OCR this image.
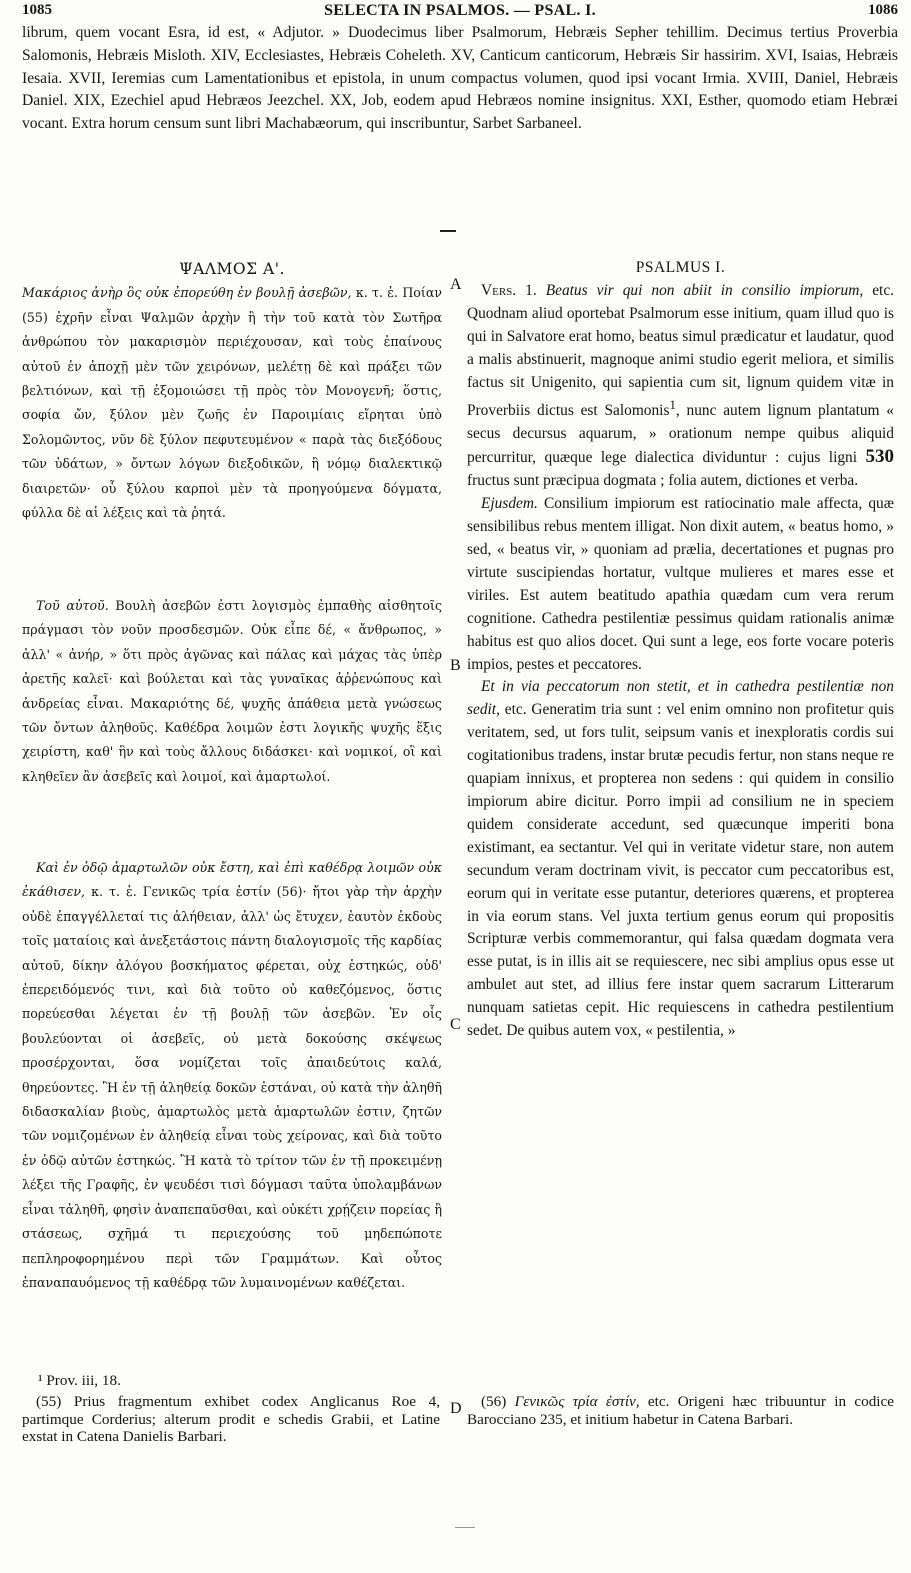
1085	SELECTA IN PSALMOS. — PSAL. I.	1086

librum, quem vocant Esra, id est, « Adjutor. » Duodecimus liber Psalmorum, Hebræis Sepher tehillim. Decimus tertius Proverbia Salomonis, Hebræis Misloth. XIV, Ecclesiastes, Hebræis Coheleth. XV, Canticum canticorum, Hebræis Sir hassirim. XVI, Isaias, Hebræis Iesaia. XVII, Ieremias cum Lamentationibus et epistola, in unum compactus volumen, quod ipsi vocant Irmia. XVIII, Daniel, Hebræis Daniel. XIX, Ezechiel apud Hebræos Jeezchel. XX, Job, eodem apud Hebræos nomine insignitus. XXI, Esther, quomodo etiam Hebræi vocant. Extra horum censum sunt libri Machabæorum, qui inscribuntur, Sarbet Sarbaneel.

ΨΑΛΜΟΣ Α'.

Μακάριος ἀνὴρ ὃς οὐκ ἐπορεύθη ἐν βουλῇ ἀσεβῶν, κ. τ. ἑ. Ποίαν (55) ἐχρῆν εἶναι Ψαλμῶν ἀρχὴν ἢ τὴν τοῦ κατὰ τὸν Σωτῆρα ἀνθρώπου τὸν μακαρισμὸν περιέχουσαν, καὶ τοὺς ἐπαίνους αὐτοῦ ἐν ἀποχῇ μὲν τῶν χειρόνων, μελέτῃ δὲ καὶ πράξει τῶν βελτιόνων, καὶ τῇ ἐξομοιώσει τῇ πρὸς τὸν Μονογενῆ; ὅστις, σοφία ὤν, ξύλον μὲν ζωῆς ἐν Παροιμίαις εἴρηται ὑπὸ Σολομῶντος, νῦν δὲ ξύλον πεφυτευμένον « παρὰ τὰς διεξόδους τῶν ὑδάτων, » ὄντων λόγων διεξοδικῶν, ἢ νόμῳ διαλεκτικῷ διαιρετῶν· οὗ ξύλου καρποὶ μὲν τὰ προηγούμενα δόγματα, φύλλα δὲ αἱ λέξεις καὶ τὰ ῥητά.

Τοῦ αὐτοῦ. Βουλὴ ἀσεβῶν ἐστι λογισμὸς ἐμπαθὴς αἰσθητοῖς πράγμασι τὸν νοῦν προσδεσμῶν. Οὐκ εἶπε δέ, « ἄνθρωπος, » ἀλλ' « ἀνήρ, » ὅτι πρὸς ἀγῶνας καὶ πάλας καὶ μάχας τὰς ὑπὲρ ἀρετῆς καλεῖ· καὶ βούλεται καὶ τὰς γυναῖκας ἀῤῥενώπους καὶ ἀνδρείας εἶναι. Μακαριότης δέ, ψυχῆς ἀπάθεια μετὰ γνώσεως τῶν ὄντων ἀληθοῦς. Καθέδρα λοιμῶν ἐστι λογικῆς ψυχῆς ἕξις χειρίστη, καθ' ἣν καὶ τοὺς ἄλλους διδάσκει· καὶ νομικοί, οἳ καὶ κληθεῖεν ἂν ἀσεβεῖς καὶ λοιμοί, καὶ ἁμαρτωλοί.

Καὶ ἐν ὁδῷ ἁμαρτωλῶν οὐκ ἔστη, καὶ ἐπὶ καθέδρᾳ λοιμῶν οὐκ ἐκάθισεν, κ. τ. ἑ. Γενικῶς τρία ἐστίν (56)· ἤτοι γὰρ τὴν ἀρχὴν οὐδὲ ἐπαγγέλλεταί τις ἀλήθειαν, ἀλλ' ὡς ἔτυχεν, ἑαυτὸν ἐκδοὺς τοῖς ματαίοις καὶ ἀνεξετάστοις πάντη διαλογισμοῖς τῆς καρδίας αὐτοῦ, δίκην ἀλόγου βοσκήματος φέρεται, οὐχ ἑστηκώς, οὐδ' ἐπερειδόμενός τινι, καὶ διὰ τοῦτο οὐ καθεζόμενος, ὅστις πορεύεσθαι λέγεται ἐν τῇ βουλῇ τῶν ἀσεβῶν. Ἐν οἷς βουλεύονται οἱ ἀσεβεῖς, οὐ μετὰ δοκούσης σκέψεως προσέρχονται, ὅσα νομίζεται τοῖς ἀπαιδεύτοις καλά, θηρεύοντες. Ἢ ἐν τῇ ἀληθείᾳ δοκῶν ἑστάναι, οὐ κατὰ τὴν ἀληθῆ διδασκαλίαν βιοὺς, ἁμαρτωλὸς μετὰ ἁμαρτωλῶν ἐστιν, ζητῶν τῶν νομιζομένων ἐν ἀληθείᾳ εἶναι τοὺς χείρονας, καὶ διὰ τοῦτο ἐν ὁδῷ αὐτῶν ἑστηκώς. Ἢ κατὰ τὸ τρίτον τῶν ἐν τῇ προκειμένῃ λέξει τῆς Γραφῆς, ἐν ψευδέσι τισὶ δόγμασι ταῦτα ὑπολαμβάνων εἶναι τἀληθῆ, φησὶν ἀναπεπαῦσθαι, καὶ οὐκέτι χρῄζειν πορείας ἢ στάσεως, σχῆμά τι περιεχούσης τοῦ μηδεπώποτε πεπληροφορημένου περὶ τῶν Γραμμάτων. Καὶ οὗτος ἐπαναπαυόμενος τῇ καθέδρᾳ τῶν λυμαινομένων καθέζεται.

PSALMUS I.

Vers. 1. Beatus vir qui non abiit in consilio impiorum, etc. Quodnam aliud oportebat Psalmorum esse initium, quam illud quo is qui in Salvatore erat homo, beatus simul prædicatur et laudatur, quod a malis abstinuerit, magnoque animi studio egerit meliora, et similis factus sit Unigenito, qui sapientia cum sit, lignum quidem vitæ in Proverbiis dictus est Salomonis$^1$, nunc autem lignum plantatum « secus decursus aquarum, » orationum nempe quibus aliquid percurritur, quæque lege dialectica dividuntur : cujus ligni 530 fructus sunt præcipua dogmata ; folia autem, dictiones et verba.

Ejusdem. Consilium impiorum est ratiocinatio male affecta, quæ sensibilibus rebus mentem illigat. Non dixit autem, « beatus homo, » sed, « beatus vir, » quoniam ad prælia, decertationes et pugnas pro virtute suscipiendas hortatur, vultque mulieres et mares esse et viriles. Est autem beatitudo apathia quædam cum vera rerum cognitione. Cathedra pestilentiæ pessimus quidam rationalis animæ habitus est quo alios docet. Qui sunt a lege, eos forte vocare poteris impios, pestes et peccatores.

Et in via peccatorum non stetit, et in cathedra pestilentiæ non sedit, etc. Generatim tria sunt : vel enim omnino non profitetur quis veritatem, sed, ut fors tulit, seipsum vanis et inexploratis cordis sui cogitationibus tradens, instar brutæ pecudis fertur, non stans neque re quapiam innixus, et propterea non sedens : qui quidem in consilio impiorum abire dicitur. Porro impii ad consilium ne in speciem quidem considerate accedunt, sed quæcunque imperiti bona existimant, ea sectantur. Vel qui in veritate videtur stare, non autem secundum veram doctrinam vivit, is peccator cum peccatoribus est, eorum qui in veritate esse putantur, deteriores quærens, et propterea in via eorum stans. Vel juxta tertium genus eorum qui propositis Scripturæ verbis commemorantur, qui falsa quædam dogmata vera esse putat, is in illis ait se requiescere, nec sibi amplius opus esse ut ambulet aut stet, ad illius fere instar quem sacrarum Litterarum nunquam satietas cepit. Hic requiescens in cathedra pestilentium sedet. De quibus autem vox, « pestilentia, »

A
B
C
D

¹ Prov. iii, 18.

(55) Prius fragmentum exhibet codex Anglicanus Roe 4, partimque Corderius; alterum prodit e schedis Grabii, et Latine exstat in Catena Danielis Barbari.

(56) Γενικῶς τρία ἐστίν, etc. Origeni hæc tribuuntur in codice Barocciano 235, et initium habetur in Catena Barbari.
